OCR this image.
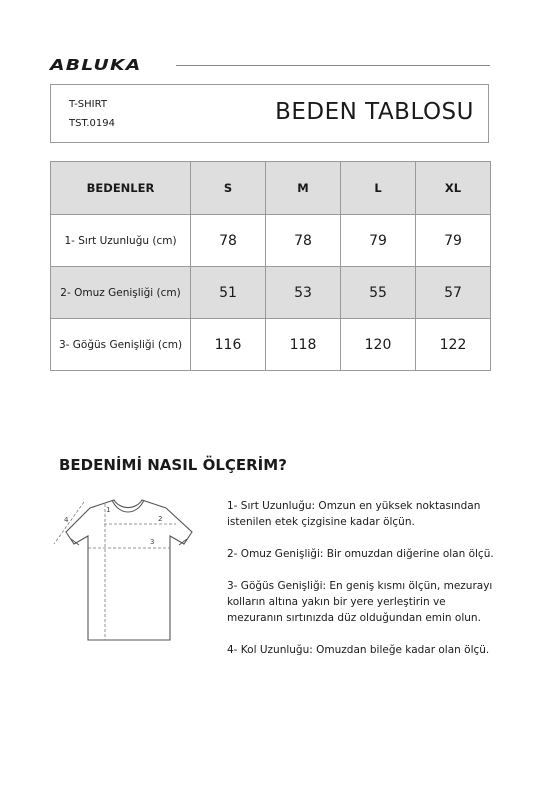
ABLUKA
T-SHIRT
TST.0194	BEDEN TABLOSU
BEDENLER	S	M	L	XL
1- Sırt Uzunluğu (cm)	78	78	79	79
2- Omuz Genişliği (cm)	51	53	55	57
3- Göğüs Genişliği (cm)	116	118	120	122
BEDENİMİ NASIL ÖLÇERİM?
1
2
3
4

1- Sırt Uzunluğu: Omzun en yüksek noktasından istenilen etek çizgisine kadar ölçün.

2- Omuz Genişliği: Bir omuzdan diğerine olan ölçü.

3- Göğüs Genişliği: En geniş kısmı ölçün, mezurayı kolların altına yakın bir yere yerleştirin ve mezuranın sırtınızda düz olduğundan emin olun.

4- Kol Uzunluğu: Omuzdan bileğe kadar olan ölçü.
